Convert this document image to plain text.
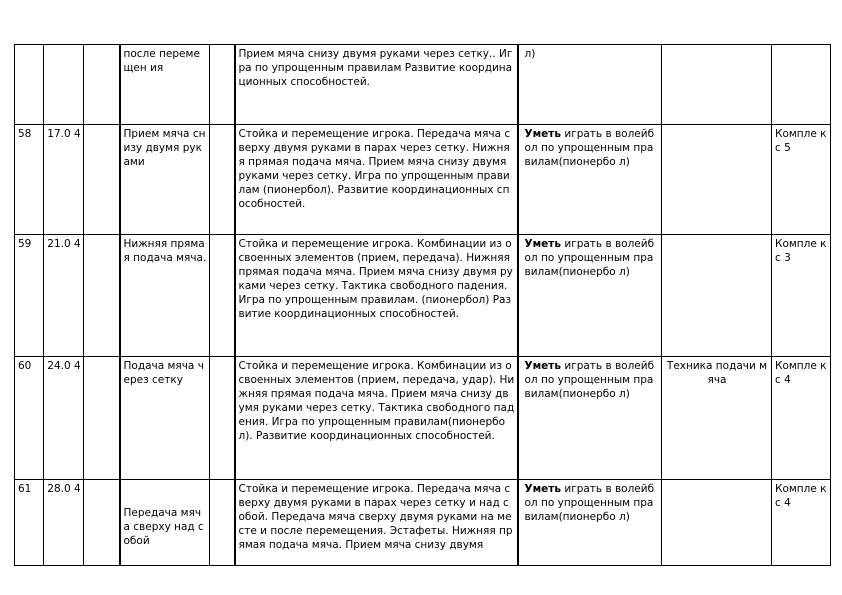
			после перемещен ия		Прием мяча снизу двумя руками через сетку.. Игра по упрощенным правилам Развитие координационных способностей.	л)		
58	17.0 4		Прием мяча снизу двумя руками		Стойка и перемещение игрока. Передача мяча сверху двумя руками в парах через сетку. Нижняя прямая подача мяча. Прием мяча снизу двумя руками через сетку. Игра по упрощенным правилам (пионербол). Развитие координационных способностей.	Уметь играть в волейбол по упрощенным правилам(пионербо л)		Компле кс 5
59	21.0 4		Нижняя прямая подача мяча.		Стойка и перемещение игрока. Комбинации из освоенных элементов (прием, передача). Нижняя прямая подача мяча. Прием мяча снизу двумя руками через сетку. Тактика свободного падения. Игра по упрощенным правилам. (пионербол) Развитие координационных способностей.	Уметь играть в волейбол по упрощенным правилам(пионербо л)		Компле кс 3
60	24.0 4		Подача мяча через сетку		Стойка и перемещение игрока. Комбинации из освоенных элементов (прием, передача, удар). Нижняя прямая подача мяча. Прием мяча снизу двумя руками через сетку. Тактика свободного падения. Игра по упрощенным правилам(пионербол). Развитие координационных способностей.	Уметь играть в волейбол по упрощенным правилам(пионербо л)	Техника подачи мяча	Компле кс 4
61	28.0 4		Передача мяча сверху над собой		Стойка и перемещение игрока. Передача мяча сверху двумя руками в парах через сетку и над собой. Передача мяча сверху двумя руками на месте и после перемещения. Эстафеты. Нижняя прямая подача мяча. Прием мяча снизу двумя	Уметь играть в волейбол по упрощенным правилам(пионербо л)		Компле кс 4
